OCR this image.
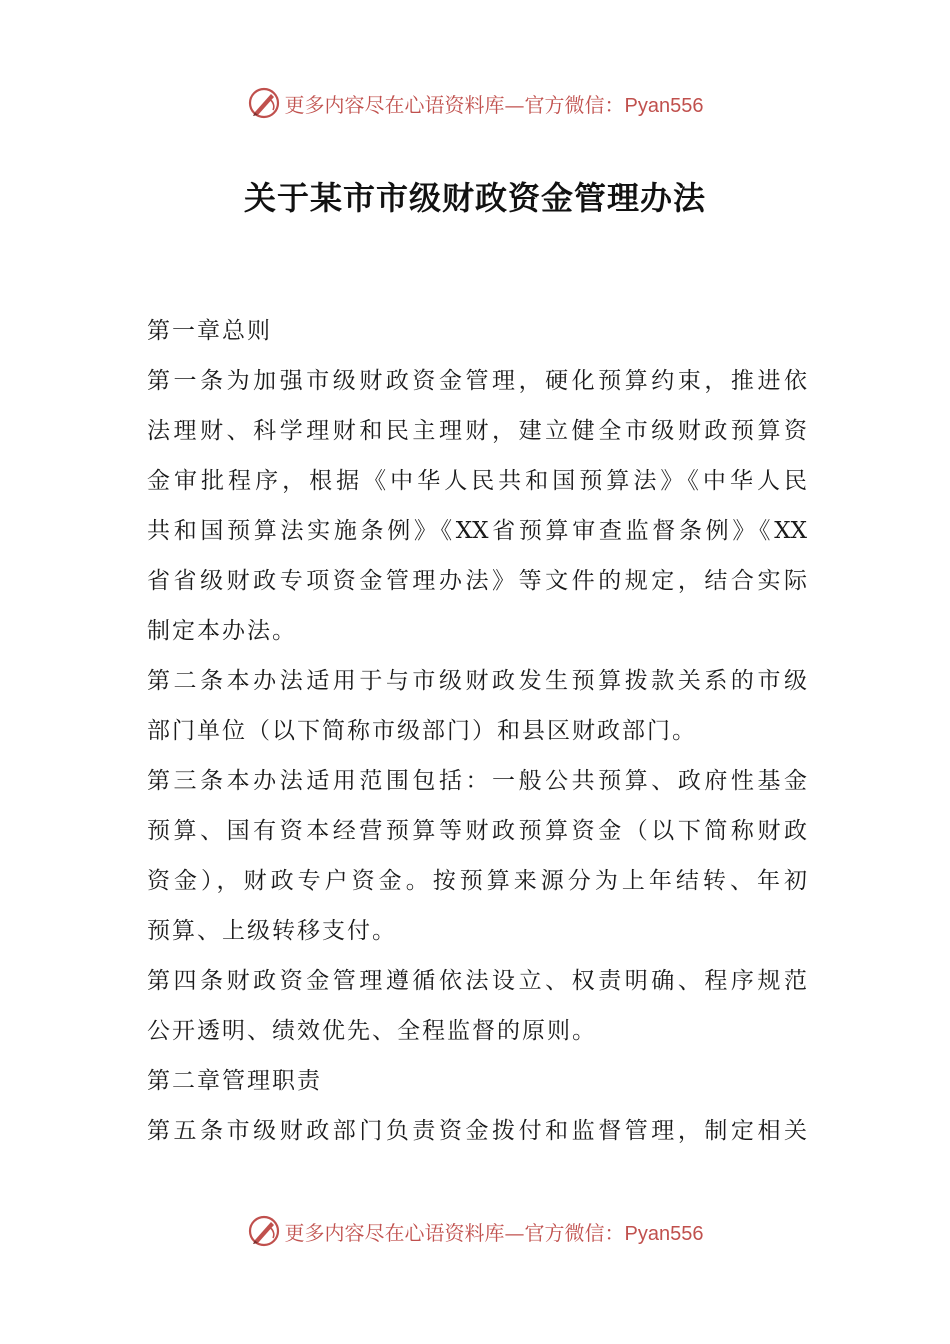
更多内容尽在心语资料库—官方微信：Pyan556
关于某市市级财政资金管理办法
第一章总则
第一条为加强市级财政资金管理，硬化预算约束，推进依
法理财、科学理财和民主理财，建立健全市级财政预算资
金审批程序，根据《中华人民共和国预算法》《中华人民
共和国预算法实施条例》《XX省预算审查监督条例》《XX
省省级财政专项资金管理办法》等文件的规定，结合实际
制定本办法。
第二条本办法适用于与市级财政发生预算拨款关系的市级
部门单位（以下简称市级部门）和县区财政部门。
第三条本办法适用范围包括：一般公共预算、政府性基金
预算、国有资本经营预算等财政预算资金（以下简称财政
资金），财政专户资金。按预算来源分为上年结转、年初
预算、上级转移支付。
第四条财政资金管理遵循依法设立、权责明确、程序规范
公开透明、绩效优先、全程监督的原则。
第二章管理职责
第五条市级财政部门负责资金拨付和监督管理，制定相关
更多内容尽在心语资料库—官方微信：Pyan556
